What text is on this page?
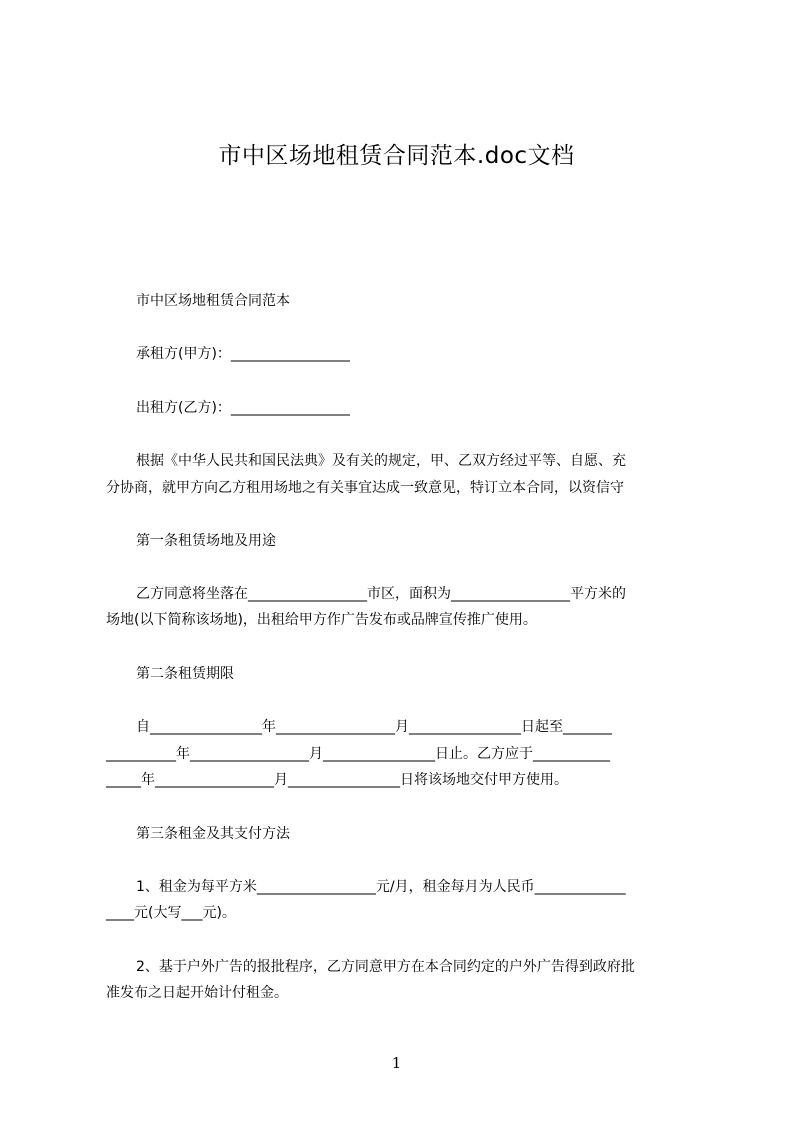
市中区场地租赁合同范本.doc文档
市中区场地租赁合同范本
承租方(甲方)：_________________
出租方(乙方)：_________________
根据《中华人民共和国民法典》及有关的规定，甲、乙双方经过平等、自愿、充
分协商，就甲方向乙方租用场地之有关事宜达成一致意见，特订立本合同，以资信守
第一条租赁场地及用途
乙方同意将坐落在_________________市区，面积为_________________平方米的
场地(以下简称该场地)，出租给甲方作广告发布或品牌宣传推广使用。
第二条租赁期限
自________________年_________________月________________日起至_______
__________年_________________月________________日止。乙方应于___________
_____年_________________月________________日将该场地交付甲方使用。
第三条租金及其支付方法
1、租金为每平方米_________________元/月，租金每月为人民币_____________
____元(大写___元)。
2、基于户外广告的报批程序，乙方同意甲方在本合同约定的户外广告得到政府批
准发布之日起开始计付租金。
1
